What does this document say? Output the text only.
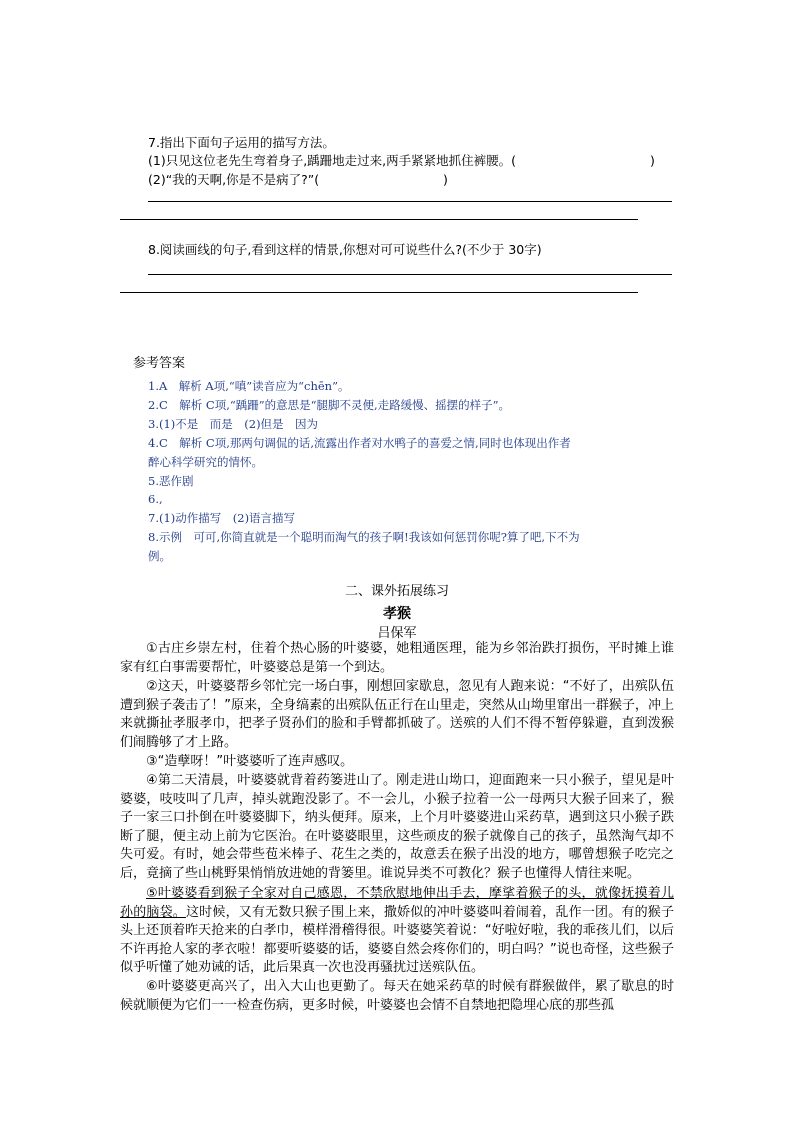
7.指出下面句子运用的描写方法。
(1)只见这位老先生弯着身子,踽跚地走过来,两手紧紧地抓住裤腰。(	)
(2)“我的天啊,你是不是病了?”(	)
8.阅读画线的句子,看到这样的情景,你想对可可说些什么?(不少于 30字)
参考答案
1.A　解析 A项,“嗔”读音应为“chēn”。
2.C　解析 C项,“踽跚”的意思是“腿脚不灵便,走路缓慢、摇摆的样子”。
3.(1)不是　而是　(2)但是　因为
4.C　解析 C项,那两句调侃的话,流露出作者对水鸭子的喜爱之情,同时也体现出作者
醉心科学研究的情怀。
5.恶作剧
6.,
7.(1)动作描写　(2)语言描写
8.示例　可可,你简直就是一个聪明而淘气的孩子啊!我该如何惩罚你呢?算了吧,下不为
例。
二、课外拓展练习
孝猴
吕保军
①古庄乡崇左村，住着个热心肠的叶婆婆，她粗通医理，能为乡邻治跌打损伤，平时摊上谁家有红白事需要帮忙，叶婆婆总是第一个到达。
②这天，叶婆婆帮乡邻忙完一场白事，刚想回家歇息，忽见有人跑来说：“不好了，出殡队伍遭到猴子袭击了！”原来，全身缟素的出殡队伍正行在山里走，突然从山坳里窜出一群猴子，冲上来就撕扯孝服孝巾，把孝子贤孙们的脸和手臂都抓破了。送殡的人们不得不暂停躲避，直到泼猴们闹腾够了才上路。
③“造孽呀！”叶婆婆听了连声感叹。
④第二天清晨，叶婆婆就背着药篓进山了。刚走进山坳口，迎面跑来一只小猴子，望见是叶婆婆，吱吱叫了几声，掉头就跑没影了。不一会儿，小猴子拉着一公一母两只大猴子回来了，猴子一家三口扑倒在叶婆婆脚下，纳头便拜。原来，上个月叶婆婆进山采药草，遇到这只小猴子跌断了腿，便主动上前为它医治。在叶婆婆眼里，这些顽皮的猴子就像自己的孩子，虽然淘气却不失可爱。有时，她会带些苞米棒子、花生之类的，故意丢在猴子出没的地方，哪曾想猴子吃完之后，竟摘了些山桃野果悄悄放进她的背篓里。谁说异类不可教化？猴子也懂得人情往来呢。
⑤叶婆婆看到猴子全家对自己感恩，不禁欣慰地伸出手去，摩挲着猴子的头，就像抚摸着儿孙的脑袋。这时候，又有无数只猴子围上来，撒娇似的冲叶婆婆叫着闹着，乱作一团。有的猴子头上还顶着昨天抢来的白孝巾，模样滑稽得很。叶婆婆笑着说：“好啦好啦，我的乖孩儿们，以后不许再抢人家的孝衣啦！都要听婆婆的话，婆婆自然会疼你们的，明白吗？”说也奇怪，这些猴子似乎听懂了她劝诫的话，此后果真一次也没再骚扰过送殡队伍。
⑥叶婆婆更高兴了，出入大山也更勤了。每天在她采药草的时候有群猴做伴，累了歇息的时候就顺便为它们一一检查伤病，更多时候，叶婆婆也会情不自禁地把隐埋心底的那些孤
